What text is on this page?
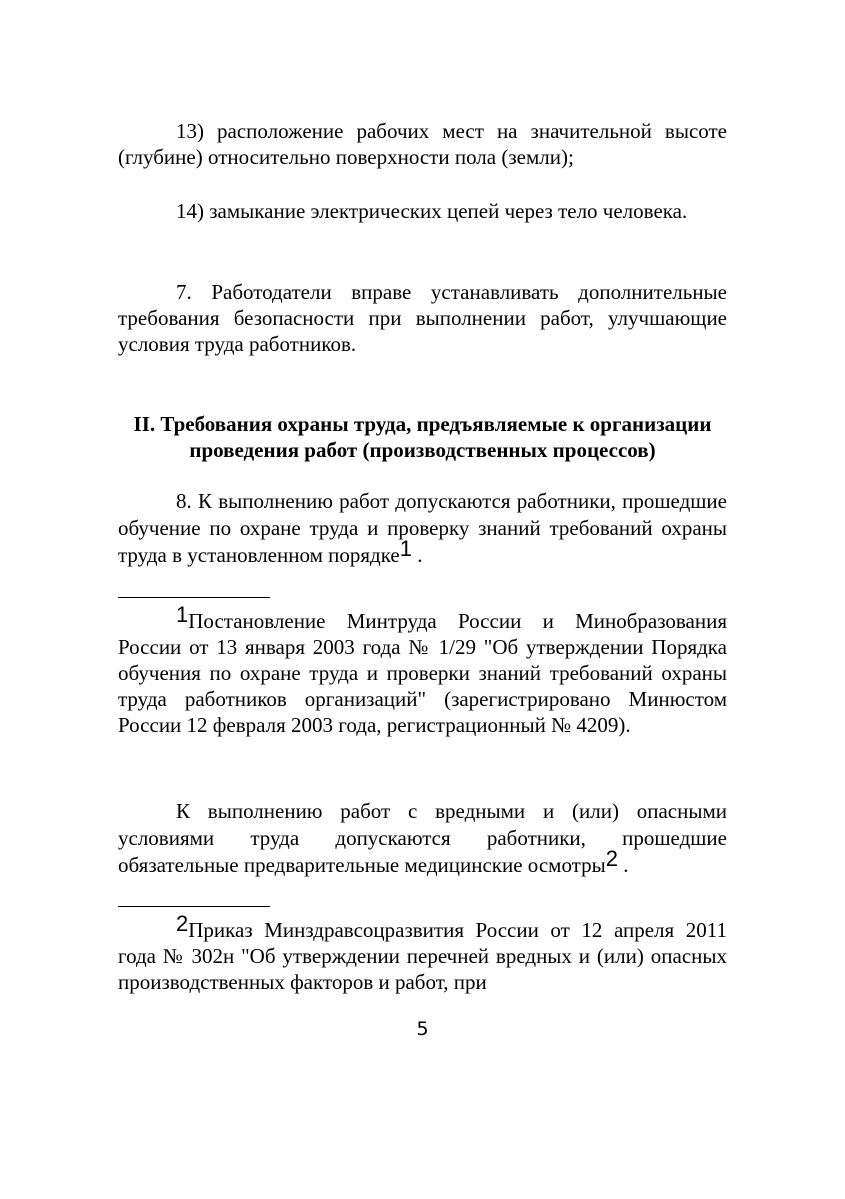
13) расположение рабочих мест на значительной высоте (глубине) относительно поверхности пола (земли);
14) замыкание электрических цепей через тело человека.
7. Работодатели вправе устанавливать дополнительные требования безопасности при выполнении работ, улучшающие условия труда работников.
II. Требования охраны труда, предъявляемые к организации проведения работ (производственных процессов)
8. К выполнению работ допускаются работники, прошедшие обучение по охране труда и проверку знаний требований охраны труда в установленном порядке$^1$ .
$^1$Постановление Минтруда России и Минобразования России от 13 января 2003 года № 1/29 "Об утверждении Порядка обучения по охране труда и проверки знаний требований охраны труда работников организаций" (зарегистрировано Минюстом России 12 февраля 2003 года, регистрационный № 4209).
К выполнению работ с вредными и (или) опасными условиями труда допускаются работники, прошедшие обязательные предварительные медицинские осмотры$^2$ .
$^2$Приказ Минздравсоцразвития России от 12 апреля 2011 года № 302н "Об утверждении перечней вредных и (или) опасных производственных факторов и работ, при
5
